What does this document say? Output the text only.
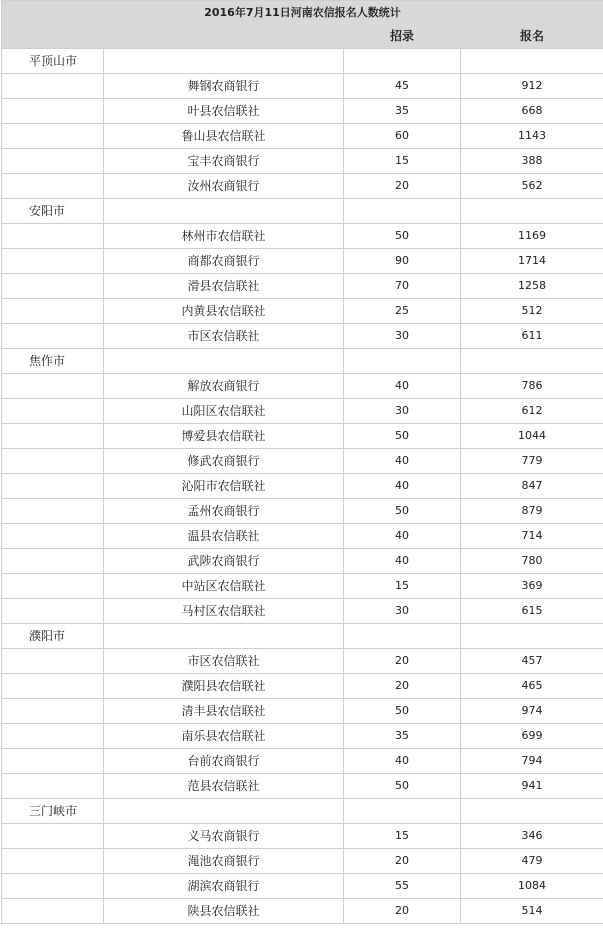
2016年7月11日河南农信报名人数统计			
		招录	报名
平顶山市			
	舞钢农商银行	45	912
	叶县农信联社	35	668
	鲁山县农信联社	60	1143
	宝丰农商银行	15	388
	汝州农商银行	20	562
安阳市			
	林州市农信联社	50	1169
	商都农商银行	90	1714
	滑县农信联社	70	1258
	内黄县农信联社	25	512
	市区农信联社	30	611
焦作市			
	解放农商银行	40	786
	山阳区农信联社	30	612
	博爱县农信联社	50	1044
	修武农商银行	40	779
	沁阳市农信联社	40	847
	孟州农商银行	50	879
	温县农信联社	40	714
	武陟农商银行	40	780
	中站区农信联社	15	369
	马村区农信联社	30	615
濮阳市			
	市区农信联社	20	457
	濮阳县农信联社	20	465
	清丰县农信联社	50	974
	南乐县农信联社	35	699
	台前农商银行	40	794
	范县农信联社	50	941
三门峡市			
	义马农商银行	15	346
	渑池农商银行	20	479
	湖滨农商银行	55	1084
	陕县农信联社	20	514
